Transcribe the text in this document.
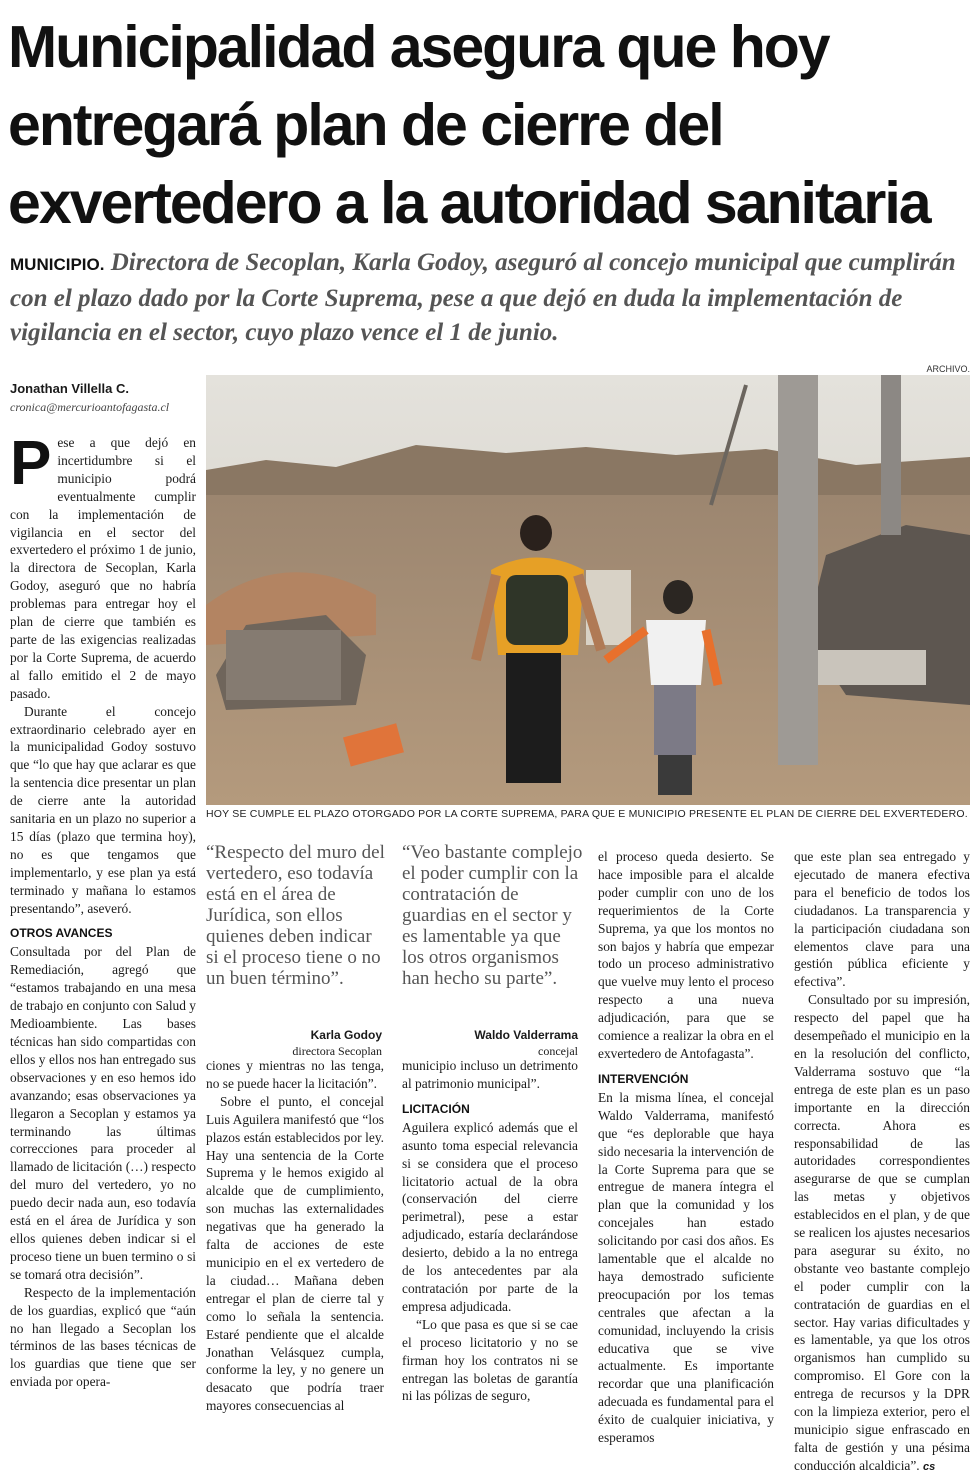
Municipalidad asegura que hoy
entregará plan de cierre del
exvertedero a la autoridad sanitaria

MUNICIPIO. Directora de Secoplan, Karla Godoy, aseguró al concejo municipal que cumplirán con el plazo dado por la Corte Suprema, pese a que dejó en duda la implementación de vigilancia en el sector, cuyo plazo vence el 1 de junio.

Jonathan Villella C.
cronica@mercurioantofagasta.cl
ARCHIVO.
HOY SE CUMPLE EL PLAZO OTORGADO POR LA CORTE SUPREMA, PARA QUE E MUNICIPIO PRESENTE EL PLAN DE CIERRE DEL EXVERTEDERO.

Pese a que dejó en incertidumbre si el municipio podrá eventualmente cumplir con la implementación de vigilancia en el sector del exvertedero el próximo 1 de junio, la directora de Secoplan, Karla Godoy, aseguró que no habría problemas para entregar hoy el plan de cierre que también es parte de las exigencias realizadas por la Corte Suprema, de acuerdo al fallo emitido el 2 de mayo pasado.

Durante el concejo extraordinario celebrado ayer en la municipalidad Godoy sostuvo que “lo que hay que aclarar es que la sentencia dice presentar un plan de cierre ante la autoridad sanitaria en un plazo no superior a 15 días (plazo que termina hoy), no es que tengamos que implementarlo, y ese plan ya está terminado y mañana lo estamos presentando”, aseveró.

OTROS AVANCES

Consultada por del Plan de Remediación, agregó que “estamos trabajando en una mesa de trabajo en conjunto con Salud y Medioambiente. Las bases técnicas han sido compartidas con ellos y ellos nos han entregado sus observaciones y en eso hemos ido avanzando; esas observaciones ya llegaron a Secoplan y estamos ya terminando las últimas correcciones para proceder al llamado de licitación (…) respecto del muro del vertedero, yo no puedo decir nada aun, eso todavía está en el área de Jurídica y son ellos quienes deben indicar si el proceso tiene un buen termino o si se tomará otra decisión”.

Respecto de la implementación de los guardias, explicó que “aún no han llegado a Secoplan los términos de las bases técnicas de los guardias que tiene que ser enviada por opera-

“Respecto del muro del vertedero, eso todavía está en el área de Jurídica, son ellos quienes deben indicar si el proceso tiene o no un buen término”.
Karla Godoy
directora Secoplan
“Veo bastante complejo el poder cumplir con la contratación de guardias en el sector y es lamentable ya que los otros organismos han hecho su parte”.
Waldo Valderrama
concejal

ciones y mientras no las tenga, no se puede hacer la licitación”.

Sobre el punto, el concejal Luis Aguilera manifestó que “los plazos están establecidos por ley. Hay una sentencia de la Corte Suprema y le hemos exigido al alcalde que de cumplimiento, son muchas las externalidades negativas que ha generado la falta de acciones de este municipio en el ex vertedero de la ciudad… Mañana deben entregar el plan de cierre tal y como lo señala la sentencia. Estaré pendiente que el alcalde Jonathan Velásquez cumpla, conforme la ley, y no genere un desacato que podría traer mayores consecuencias al

municipio incluso un detrimento al patrimonio municipal”.

LICITACIÓN

Aguilera explicó además que el asunto toma especial relevancia si se considera que el proceso licitatorio actual de la obra (conservación del cierre perimetral), pese a estar adjudicado, estaría declarándose desierto, debido a la no entrega de los antecedentes par ala contratación por parte de la empresa adjudicada.

“Lo que pasa es que si se cae el proceso licitatorio y no se firman hoy los contratos ni se entregan las boletas de garantía ni las pólizas de seguro,

el proceso queda desierto. Se hace imposible para el alcalde poder cumplir con uno de los requerimientos de la Corte Suprema, ya que los montos no son bajos y habría que empezar todo un proceso administrativo que vuelve muy lento el proceso respecto a una nueva adjudicación, para que se comience a realizar la obra en el exvertedero de Antofagasta”.

INTERVENCIÓN

En la misma línea, el concejal Waldo Valderrama, manifestó que “es deplorable que haya sido necesaria la intervención de la Corte Suprema para que se entregue de manera íntegra el plan que la comunidad y los concejales han estado solicitando por casi dos años. Es lamentable que el alcalde no haya demostrado suficiente preocupación por los temas centrales que afectan a la comunidad, incluyendo la crisis educativa que se vive actualmente. Es importante recordar que una planificación adecuada es fundamental para el éxito de cualquier iniciativa, y esperamos

que este plan sea entregado y ejecutado de manera efectiva para el beneficio de todos los ciudadanos. La transparencia y la participación ciudadana son elementos clave para una gestión pública eficiente y efectiva”.

Consultado por su impresión, respecto del papel que ha desempeñado el municipio en la en la resolución del conflicto, Valderrama sostuvo que “la entrega de este plan es un paso importante en la dirección correcta. Ahora es responsabilidad de las autoridades correspondientes asegurarse de que se cumplan las metas y objetivos establecidos en el plan, y de que se realicen los ajustes necesarios para asegurar su éxito, no obstante veo bastante complejo el poder cumplir con la contratación de guardias en el sector. Hay varias dificultades y es lamentable, ya que los otros organismos han cumplido su compromiso. El Gore con la entrega de recursos y la DPR con la limpieza exterior, pero el municipio sigue enfrascado en falta de gestión y una pésima conducción alcaldicia”. cs
